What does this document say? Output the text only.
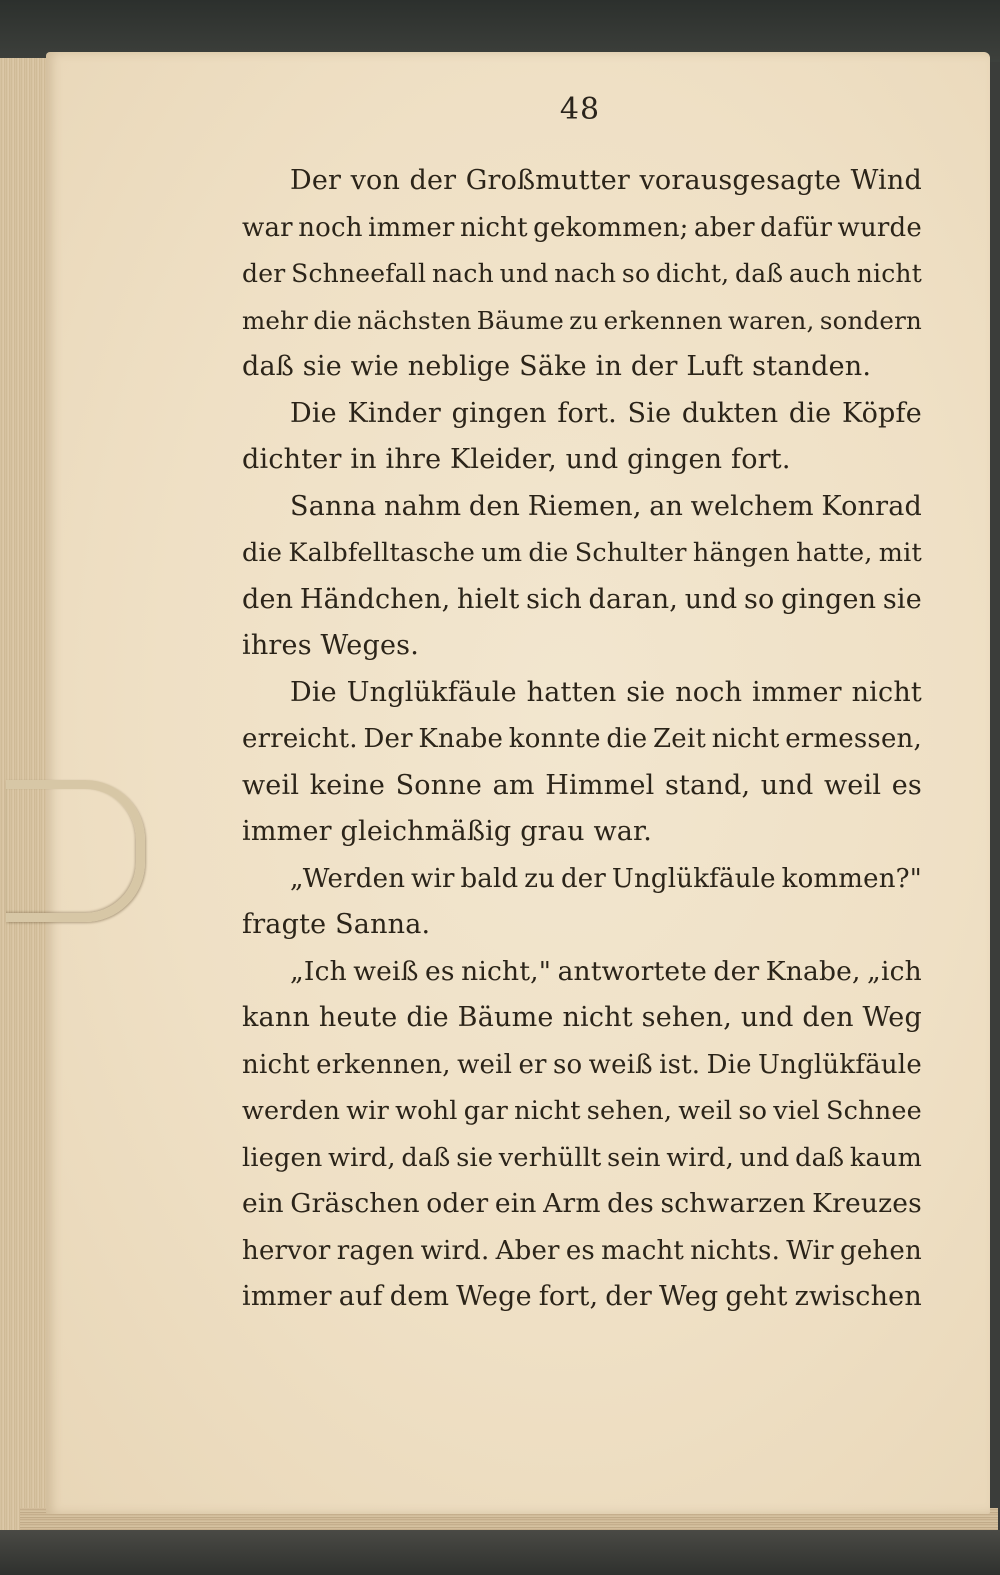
48
Der von der Großmutter vorausgesagte Wind
war noch immer nicht gekommen; aber dafür wurde
der Schneefall nach und nach so dicht, daß auch nicht
mehr die nächsten Bäume zu erkennen waren, sondern
daß sie wie neblige Säke in der Luft standen.
Die Kinder gingen fort. Sie dukten die Köpfe
dichter in ihre Kleider, und gingen fort.
Sanna nahm den Riemen, an welchem Konrad
die Kalbfelltasche um die Schulter hängen hatte, mit
den Händchen, hielt sich daran, und so gingen sie
ihres Weges.
Die Unglükfäule hatten sie noch immer nicht
erreicht. Der Knabe konnte die Zeit nicht ermessen,
weil keine Sonne am Himmel stand, und weil es
immer gleichmäßig grau war.
„Werden wir bald zu der Unglükfäule kommen?"
fragte Sanna.
„Ich weiß es nicht," antwortete der Knabe, „ich
kann heute die Bäume nicht sehen, und den Weg
nicht erkennen, weil er so weiß ist. Die Unglükfäule
werden wir wohl gar nicht sehen, weil so viel Schnee
liegen wird, daß sie verhüllt sein wird, und daß kaum
ein Gräschen oder ein Arm des schwarzen Kreuzes
hervor ragen wird. Aber es macht nichts. Wir gehen
immer auf dem Wege fort, der Weg geht zwischen
